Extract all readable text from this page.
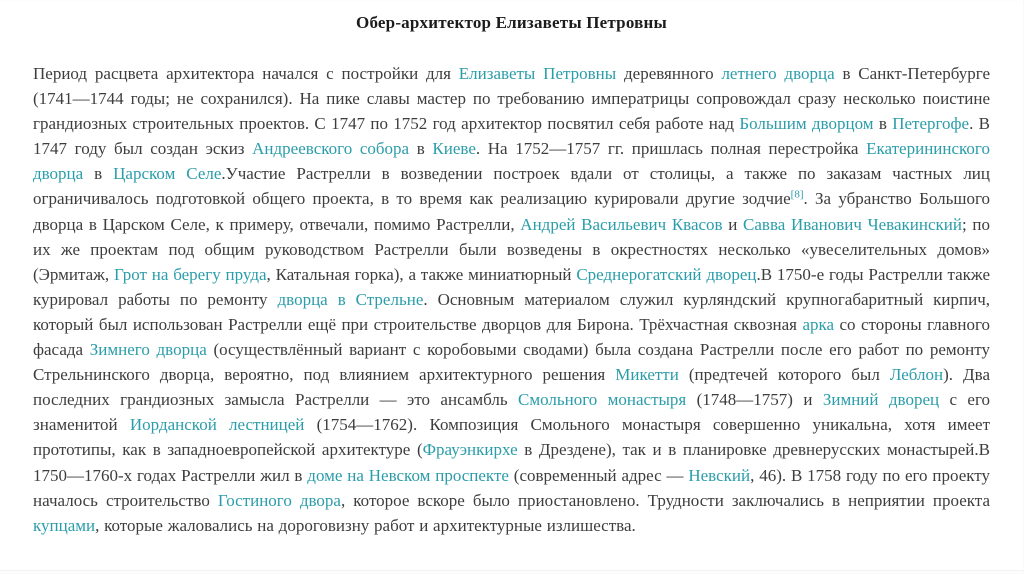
Обер-архитектор Елизаветы Петровны
Период расцвета архитектора начался с постройки для Елизаветы Петровны деревянного летнего дворца в Санкт-Петербурге (1741—1744 годы; не сохранился). На пике славы мастер по требованию императрицы сопровождал сразу несколько поистине грандиозных строительных проектов. С 1747 по 1752 год архитектор посвятил себя работе над Большим дворцом в Петергофе. В 1747 году был создан эскиз Андреевского собора в Киеве. На 1752—1757 гг. пришлась полная перестройка Екатерининского дворца в Царском Селе.Участие Растрелли в возведении построек вдали от столицы, а также по заказам частных лиц ограничивалось подготовкой общего проекта, в то время как реализацию курировали другие зодчие[8]. За убранство Большого дворца в Царском Селе, к примеру, отвечали, помимо Растрелли, Андрей Васильевич Квасов и Савва Иванович Чевакинский; по их же проектам под общим руководством Растрелли были возведены в окрестностях несколько «увеселительных домов» (Эрмитаж, Грот на берегу пруда, Катальная горка), а также миниатюрный Среднерогатский дворец.В 1750-е годы Растрелли также курировал работы по ремонту дворца в Стрельне. Основным материалом служил курляндский крупногабаритный кирпич, который был использован Растрелли ещё при строительстве дворцов для Бирона. Трёхчастная сквозная арка со стороны главного фасада Зимнего дворца (осуществлённый вариант с коробовыми сводами) была создана Растрелли после его работ по ремонту Стрельнинского дворца, вероятно, под влиянием архитектурного решения Микетти (предтечей которого был Леблон). Два последних грандиозных замысла Растрелли — это ансамбль Смольного монастыря (1748—1757) и Зимний дворец с его знаменитой Иорданской лестницей (1754—1762). Композиция Смольного монастыря совершенно уникальна, хотя имеет прототипы, как в западноевропейской архитектуре (Фрауэнкирхе в Дрездене), так и в планировке древнерусских монастырей.В 1750—1760-х годах Растрелли жил в доме на Невском проспекте (современный адрес — Невский, 46). В 1758 году по его проекту началось строительство Гостиного двора, которое вскоре было приостановлено. Трудности заключались в неприятии проекта купцами, которые жаловались на дороговизну работ и архитектурные излишества.
